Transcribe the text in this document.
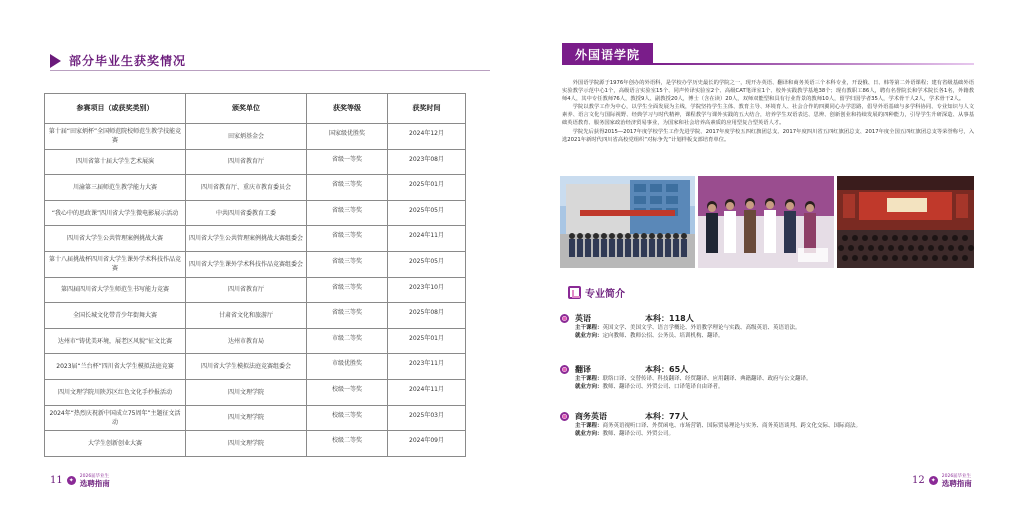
部分毕业生获奖情况
参赛项目（或获奖类别）	颁奖单位	获奖等级	获奖时间
第十届“田家炳杯”全国师范院校师范生教学技能竞赛	田家炳基金会	国家级优胜奖	2024年12月
四川省第十届大学生艺术展演	四川省教育厅	省级一等奖	2023年08月
川渝第三届师范生教学能力大赛	四川省教育厅、重庆市教育委员会	省级三等奖	2025年01月
“我心中的思政课”四川省大学生微电影展示活动	中共四川省委教育工委	省级三等奖	2025年05月
四川省大学生公共管理案例挑战大赛	四川省大学生公共管理案例挑战大赛组委会	省级三等奖	2024年11月
第十八届挑战杯四川省大学生课外学术科技作品竞赛	四川省大学生课外学术科技作品竞赛组委会	省级三等奖	2025年05月
第四届四川省大学生师范生书写能力竞赛	四川省教育厅	省级三等奖	2023年10月
全国长城文化带青少年街舞大赛	甘肃省文化和旅游厅	省级三等奖	2025年08月
达州市“铸优美环境，展老区风貌”征文比赛	达州市教育局	市级二等奖	2025年01月
2023届“兰台杯”四川省大学生模拟法庭竞赛	四川省大学生模拟法庭竞赛组委会	市级优胜奖	2023年11月
四川文理学院川陕苏区红色文化手抄报活动	四川文理学院	校级一等奖	2024年11月
2024年“热烈庆祝新中国成立75周年”主题征文活动	四川文理学院	校级三等奖	2025年03月
大学生创新创业大赛	四川文理学院	校级二等奖	2024年09月
11 ✦	2026届毕业生
选聘指南
外国语学院

外国语学院源于1976年创办的外语科，是学校办学历史最长的学院之一，现开办英语、翻译和商务英语三个本科专业，开设俄、日、韩等第二外语课程；建有省级基础外语实验教学示范中心1个，高级语言实验室15个、同声传译实验室2个、高级CAT笔译室1个、校外实践教学基地38个；现有教职工86人，聘有名誉院长和学术院长各1名，外籍教师4人，其中专任教师76人，教授9人、副教授20人，博士（含在读）20人，双师双能型和具有行业背景的教师10人，留学归国学者35人，学术骨干人2人，学术骨干2人。

学院以教学工作为中心，以学生全面发展为主线，学院坚持学生主体、教育主导、环境育人、社会合作的四翼同心办学思路，倡导外语基础与多学科协同、专业知识与人文素养、语言文化与国际视野、经典学习与时代精神，课程教学与课外实践的五大结合，培养学生双语表达、思辨、创新创业和持续发展的四种能力，引导学生升研深造、从事基础英语教育、服务国家政治经济贸易事业，为国家和社会培养高素质的应用型复合型英语人才。

学院先后获得2015—2017年度学校学生工作先进学院、2017年度学校五四红旗团总支、2017年度四川省五四红旗团总支、2017年度全国五四红旗团总支等荣誉称号，入选2021年新时代四川省高校党组织“对标争先”计划样板支部培育单位。

专业简介
英语	本科：118人
主干课程：英国文学、美国文学、语言学概论、外语教学理论与实践、高级英语、英语语法。
就业方向：定向教师、教师公招、公务员、培训机构、翻译。
翻译	本科：65人
主干课程：联络口译、交替传译、科技翻译、经贸翻译、应用翻译、典籍翻译、政府与公文翻译。
就业方向：教师、翻译公司、外贸公司、口译笔译自由译者。
商务英语	本科：77人
主干课程：商务英语视听口译、外贸函电、市场营销、国际贸易理论与实务、商务英语谈判、跨文化交际、国际商法。
就业方向：教师、翻译公司、外贸公司。
12 ✦	2026届毕业生
选聘指南
